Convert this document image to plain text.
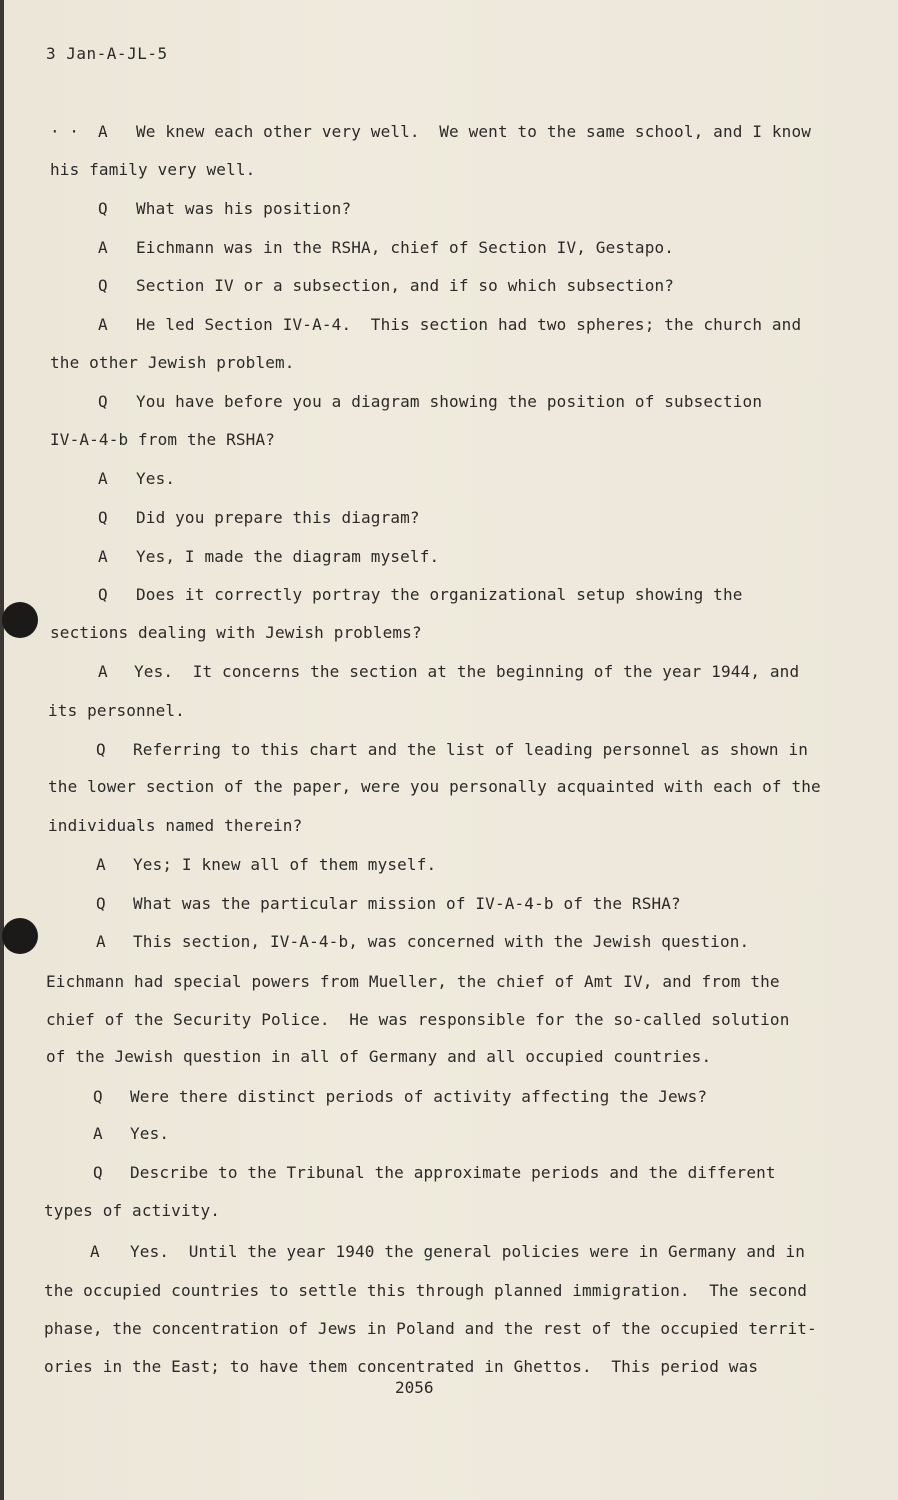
3 Jan-A-JL-5
· · A We knew each other very well.  We went to the same school, and I know
his family very well.
Q What was his position?
A Eichmann was in the RSHA, chief of Section IV, Gestapo.
Q Section IV or a subsection, and if so which subsection?
A He led Section IV-A-4.  This section had two spheres; the church and
the other Jewish problem.
Q You have before you a diagram showing the position of subsection
IV-A-4-b from the RSHA?
A Yes.
Q Did you prepare this diagram?
A Yes, I made the diagram myself.
Q Does it correctly portray the organizational setup showing the
sections dealing with Jewish problems?
A Yes.  It concerns the section at the beginning of the year 1944, and
its personnel.
Q Referring to this chart and the list of leading personnel as shown in
the lower section of the paper, were you personally acquainted with each of the
individuals named therein?
A Yes; I knew all of them myself.
Q What was the particular mission of IV-A-4-b of the RSHA?
A This section, IV-A-4-b, was concerned with the Jewish question.
Eichmann had special powers from Mueller, the chief of Amt IV, and from the
chief of the Security Police.  He was responsible for the so-called solution
of the Jewish question in all of Germany and all occupied countries.
Q Were there distinct periods of activity affecting the Jews?
A Yes.
Q Describe to the Tribunal the approximate periods and the different
types of activity.
A Yes.  Until the year 1940 the general policies were in Germany and in
the occupied countries to settle this through planned immigration.  The second
phase, the concentration of Jews in Poland and the rest of the occupied territ-
ories in the East; to have them concentrated in Ghettos.  This period was
2056
